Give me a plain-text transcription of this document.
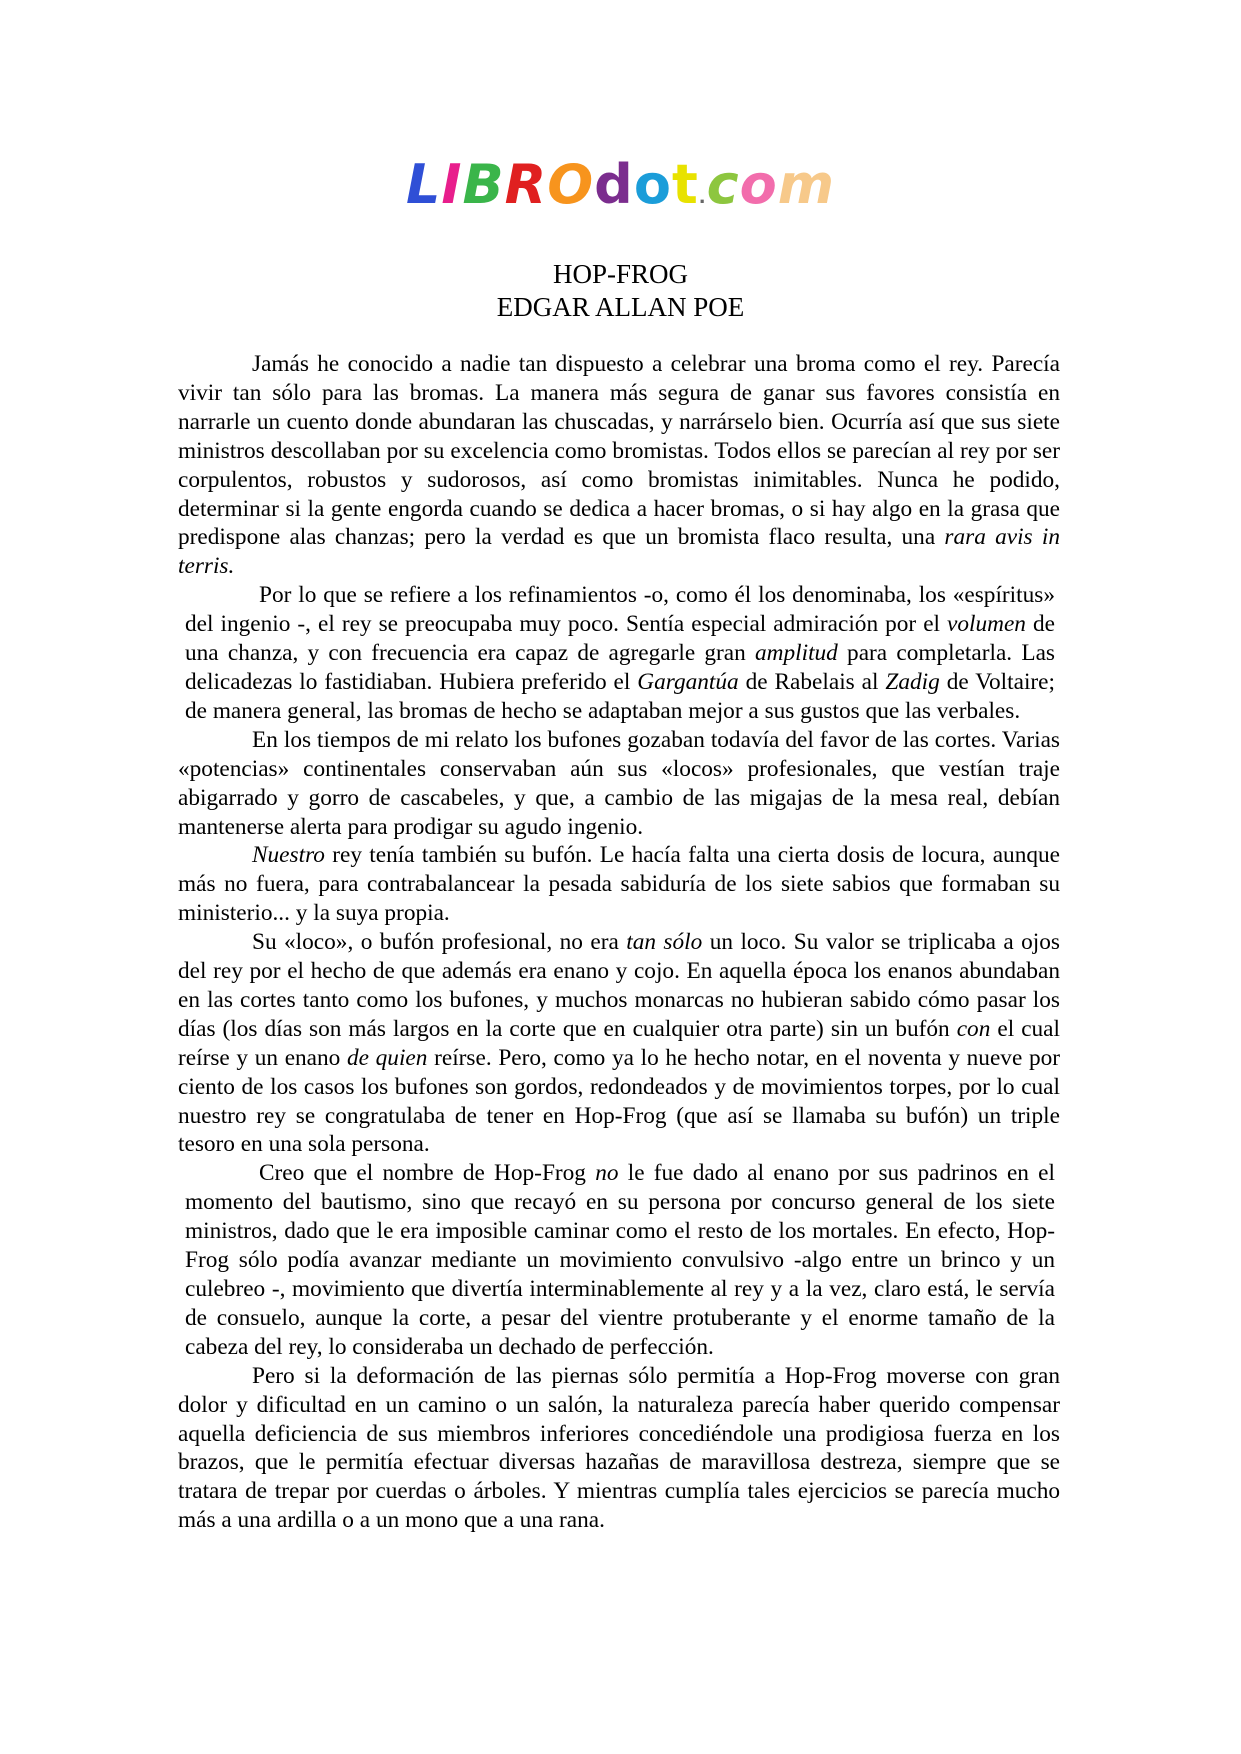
LIBROdot.com
HOP-FROG
EDGAR ALLAN POE

Jamás he conocido a nadie tan dispuesto a celebrar una broma como el rey. Parecía vivir tan sólo para las bromas. La manera más segura de ganar sus favores consistía en narrarle un cuento donde abundaran las chuscadas, y narrárselo bien. Ocurría así que sus siete ministros descollaban por su excelencia como bromistas. Todos ellos se parecían al rey por ser corpulentos, robustos y sudorosos, así como bromistas inimitables. Nunca he podido, determinar si la gente engorda cuando se dedica a hacer bromas, o si hay algo en la grasa que predispone alas chanzas; pero la verdad es que un bromista flaco resulta, una rara avis in terris.

Por lo que se refiere a los refinamientos -o, como él los denominaba, los «espíritus» del ingenio -, el rey se preocupaba muy poco. Sentía especial admiración por el volumen de una chanza, y con frecuencia era capaz de agregarle gran amplitud para completarla. Las delicadezas lo fastidiaban. Hubiera preferido el Gargantúa de Rabelais al Zadig de Voltaire; de manera general, las bromas de hecho se adaptaban mejor a sus gustos que las verbales.

En los tiempos de mi relato los bufones gozaban todavía del favor de las cortes. Varias «potencias» continentales conservaban aún sus «locos» profesionales, que vestían traje abigarrado y gorro de cascabeles, y que, a cambio de las migajas de la mesa real, debían mantenerse alerta para prodigar su agudo ingenio.

Nuestro rey tenía también su bufón. Le hacía falta una cierta dosis de locura, aunque más no fuera, para contrabalancear la pesada sabiduría de los siete sabios que formaban su ministerio... y la suya propia.

Su «loco», o bufón profesional, no era tan sólo un loco. Su valor se triplicaba a ojos del rey por el hecho de que además era enano y cojo. En aquella época los enanos abundaban en las cortes tanto como los bufones, y muchos monarcas no hubieran sabido cómo pasar los días (los días son más largos en la corte que en cualquier otra parte) sin un bufón con el cual reírse y un enano de quien reírse. Pero, como ya lo he hecho notar, en el noventa y nueve por ciento de los casos los bufones son gordos, redondeados y de movimientos torpes, por lo cual nuestro rey se congratulaba de tener en Hop-Frog (que así se llamaba su bufón) un triple tesoro en una sola persona.

Creo que el nombre de Hop-Frog no le fue dado al enano por sus padrinos en el momento del bautismo, sino que recayó en su persona por concurso general de los siete ministros, dado que le era imposible caminar como el resto de los mortales. En efecto, Hop-Frog sólo podía avanzar mediante un movimiento convulsivo -algo entre un brinco y un culebreo -, movimiento que divertía interminablemente al rey y a la vez, claro está, le servía de consuelo, aunque la corte, a pesar del vientre protuberante y el enorme tamaño de la cabeza del rey, lo consideraba un dechado de perfección.

Pero si la deformación de las piernas sólo permitía a Hop-Frog moverse con gran dolor y dificultad en un camino o un salón, la naturaleza parecía haber querido compensar aquella deficiencia de sus miembros inferiores concediéndole una prodigiosa fuerza en los brazos, que le permitía efectuar diversas hazañas de maravillosa destreza, siempre que se tratara de trepar por cuerdas o árboles. Y mientras cumplía tales ejercicios se parecía mucho más a una ardilla o a un mono que a una rana.
